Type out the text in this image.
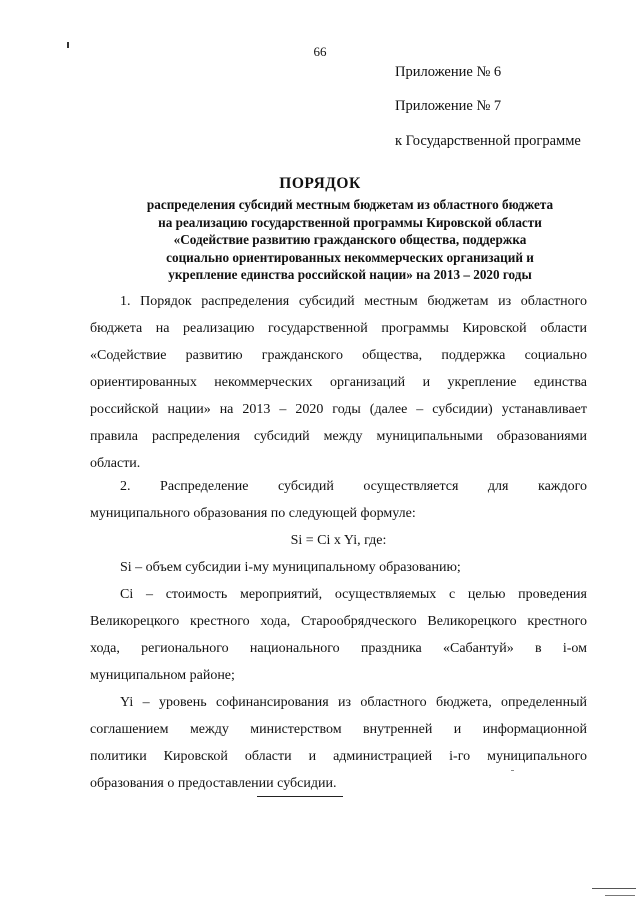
66
Приложение № 6
Приложение № 7
к Государственной программе
ПОРЯДОК
распределения субсидий местным бюджетам из областного бюджета
на реализацию государственной программы Кировской области
«Содействие развитию гражданского общества, поддержка
социально ориентированных некоммерческих организаций и
укрепление единства российской нации» на 2013 – 2020 годы
1. Порядок распределения субсидий местным бюджетам из областного
бюджета на реализацию государственной программы Кировской области
«Содействие развитию гражданского общества, поддержка социально
ориентированных некоммерческих организаций и укрепление единства
российской нации» на 2013 – 2020 годы (далее – субсидии) устанавливает
правила распределения субсидий между муниципальными образованиями
области.
2. Распределение субсидий осуществляется для каждого
муниципального образования по следующей формуле:
Si = Ci x Yi, где:
Si – объем субсидии i-му муниципальному образованию;
Ci – стоимость мероприятий, осуществляемых с целью проведения
Великорецкого крестного хода, Старообрядческого Великорецкого крестного
хода, регионального национального праздника «Сабантуй» в i-ом
муниципальном районе;
Yi – уровень софинансирования из областного бюджета, определенный
соглашением между министерством внутренней и информационной
политики Кировской области и администрацией i-го муниципального
образования о предоставлении субсидии.
